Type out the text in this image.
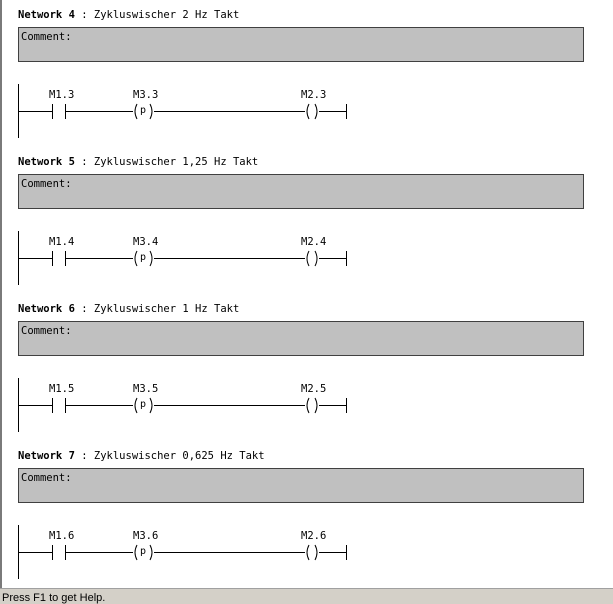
Network 4 : Zykluswischer 2 Hz Takt
Comment:
M1.3	M3.3
p
M2.3
Network 5 : Zykluswischer 1,25 Hz Takt
Comment:
M1.4	M3.4
p
M2.4
Network 6 : Zykluswischer 1 Hz Takt
Comment:
M1.5	M3.5
p
M2.5
Network 7 : Zykluswischer 0,625 Hz Takt
Comment:
M1.6	M3.6
p
M2.6
Press F1 to get Help.
